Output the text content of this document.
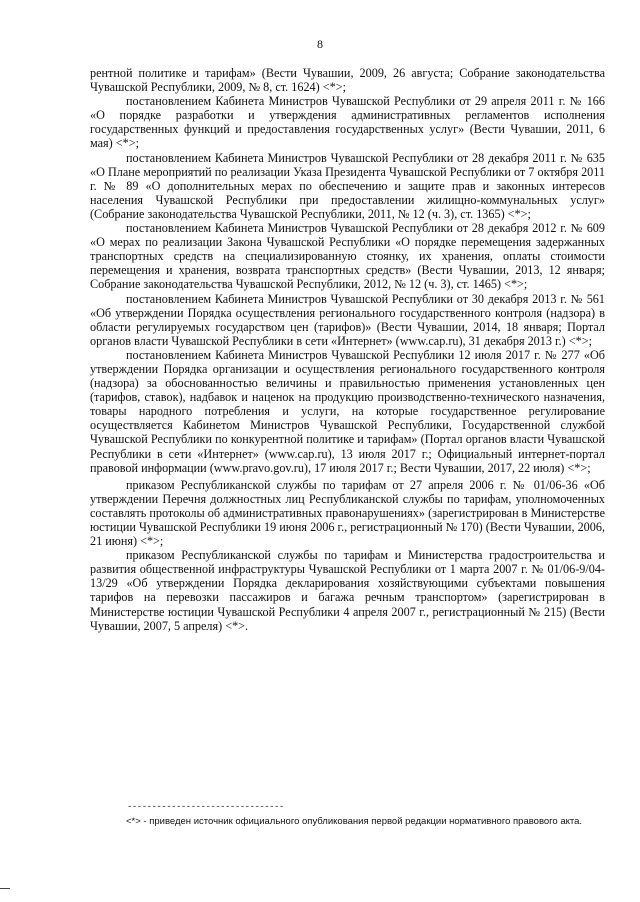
8

рентной политике и тарифам» (Вести Чувашии, 2009, 26 августа; Собрание законодательства Чувашской Республики, 2009, № 8, ст. 1624) <*>;

постановлением Кабинета Министров Чувашской Республики от 29 апреля 2011 г. № 166 «О порядке разработки и утверждения административных регламентов исполнения государственных функций и предоставления государственных услуг» (Вести Чувашии, 2011, 6 мая) <*>;

постановлением Кабинета Министров Чувашской Республики от 28 декабря 2011 г. № 635 «О Плане мероприятий по реализации Указа Президента Чувашской Республики от 7 октября 2011 г. № 89 «О дополнительных мерах по обеспечению и защите прав и законных интересов населения Чувашской Республики при предоставлении жилищно-коммунальных услуг» (Собрание законодательства Чувашской Республики, 2011, № 12 (ч. 3), ст. 1365) <*>;

постановлением Кабинета Министров Чувашской Республики от 28 декабря 2012 г. № 609 «О мерах по реализации Закона Чувашской Республики «О порядке перемещения задержанных транспортных средств на специализированную стоянку, их хранения, оплаты стоимости перемещения и хранения, возврата транспортных средств» (Вести Чувашии, 2013, 12 января; Собрание законодательства Чувашской Республики, 2012, № 12 (ч. 3), ст. 1465) <*>;

постановлением Кабинета Министров Чувашской Республики от 30 декабря 2013 г. № 561 «Об утверждении Порядка осуществления регионального государственного контроля (надзора) в области регулируемых государством цен (тарифов)» (Вести Чувашии, 2014, 18 января; Портал органов власти Чувашской Республики в сети «Интернет» (www.cap.ru), 31 декабря 2013 г.) <*>;

постановлением Кабинета Министров Чувашской Республики 12 июля 2017 г. № 277 «Об утверждении Порядка организации и осуществления регионального государственного контроля (надзора) за обоснованностью величины и правильностью применения установленных цен (тарифов, ставок), надбавок и наценок на продукцию производственно-технического назначения, товары народного потребления и услуги, на которые государственное регулирование осуществляется Кабинетом Министров Чувашской Республики, Государственной службой Чувашской Республики по конкурентной политике и тарифам» (Портал органов власти Чувашской Республики в сети «Интернет» (www.cap.ru), 13 июля 2017 г.; Официальный интернет-портал правовой информации (www.pravo.gov.ru), 17 июля 2017 г.; Вести Чувашии, 2017, 22 июля) <*>;

приказом Республиканской службы по тарифам от 27 апреля 2006 г. № 01/06-36 «Об утверждении Перечня должностных лиц Республиканской службы по тарифам, уполномоченных составлять протоколы об административных правонарушениях» (зарегистрирован в Министерстве юстиции Чувашской Республики 19 июня 2006 г., регистрационный № 170) (Вести Чувашии, 2006, 21 июня) <*>;

приказом Республиканской службы по тарифам и Министерства градостроительства и развития общественной инфраструктуры Чувашской Республики от 1 марта 2007 г. № 01/06-9/04-13/29 «Об утверждении Порядка декларирования хозяйствующими субъектами повышения тарифов на перевозки пассажиров и багажа речным транспортом» (зарегистрирован в Министерстве юстиции Чувашской Республики 4 апреля 2007 г., регистрационный № 215) (Вести Чувашии, 2007, 5 апреля) <*>.

--------------------------------
<*> - приведен источник официального опубликования первой редакции нормативного правового акта.
